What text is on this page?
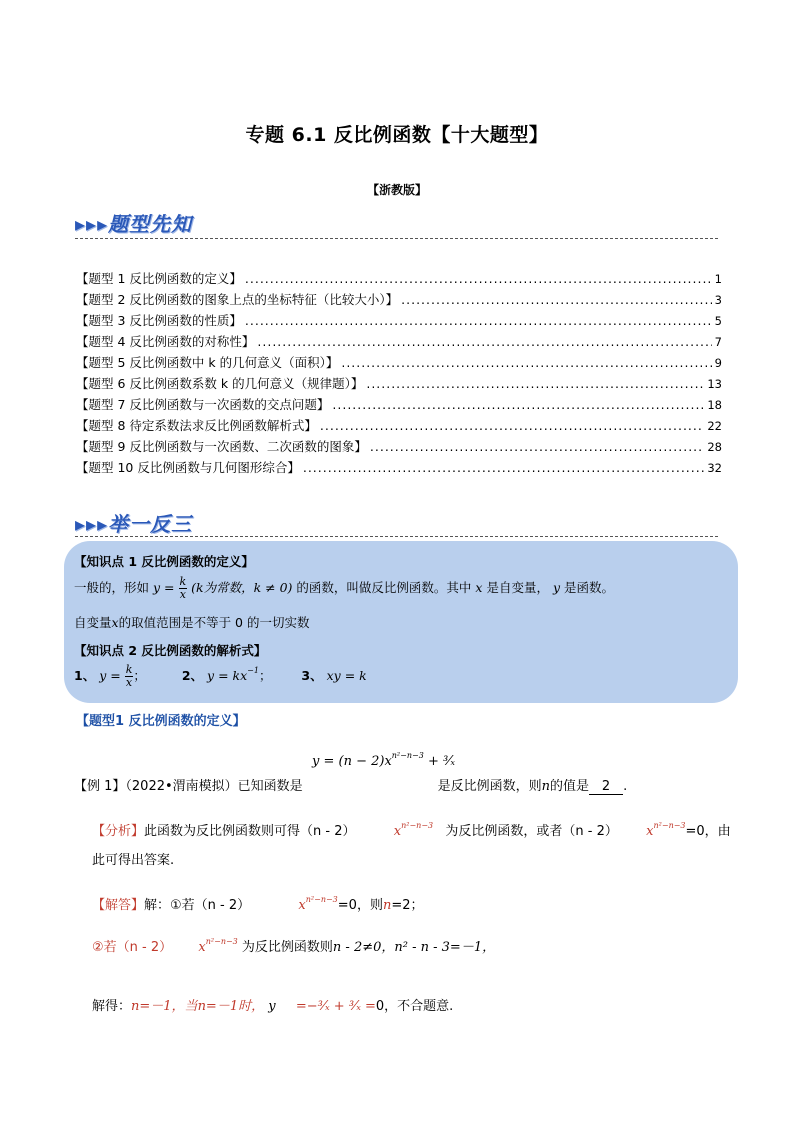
专题 6.1 反比例函数【十大题型】
【浙教版】
▸▸▸题型先知
【题型 1 反比例函数的定义】 .....	1
【题型 2 反比例函数的图象上点的坐标特征（比较大小）】 .....	3
【题型 3 反比例函数的性质】 .....	5
【题型 4 反比例函数的对称性】 .....	7
【题型 5 反比例函数中 k 的几何意义（面积）】 .....	9
【题型 6 反比例函数系数 k 的几何意义（规律题）】 .....	13
【题型 7 反比例函数与一次函数的交点问题】 .....	18
【题型 8 待定系数法求反比例函数解析式】 .....	22
【题型 9 反比例函数与一次函数、二次函数的图象】 .....	28
【题型 10 反比例函数与几何图形综合】 .....	32
▸▸▸举一反三
【知识点 1 反比例函数的定义】
一般的，形如 $y = \frac{k}{x} (k$为常数，k ≠ 0) 的函数，叫做反比例函数。其中 x 是自变量， y 是函数。
自变量x的取值范围是不等于 0 的一切实数
【知识点 2 反比例函数的解析式】
1、 $y = \frac{k}{x}$ ；	2、 $y = kx^{-1}$； 3、 xy = k
【题型1 反比例函数的定义】
$y = (n - 2)x^{n^2-n-3}$ + ³⁄ₓ
【例 1】（2022•渭南模拟）已知函数是	是反比例函数，则n的值是 2 .
【分析】此函数为反比例函数则可得（n - 2）	$x^{n^2-n-3}$ 为反比例函数，或者（n - 2） $x^{n^2-n-3}=0$，由
此可得出答案.
【解答】解：①若（n - 2）	$x^{n^2-n-3}=0$，则n=2；
②若（n - 2） $x^{n^2-n-3}$ 为反比例函数则n - 2≠0，n² - n - 3=－1，
解得：n=－1，当n=－1时， y =−³⁄ₓ + ³⁄ₓ =0，不合题意.
